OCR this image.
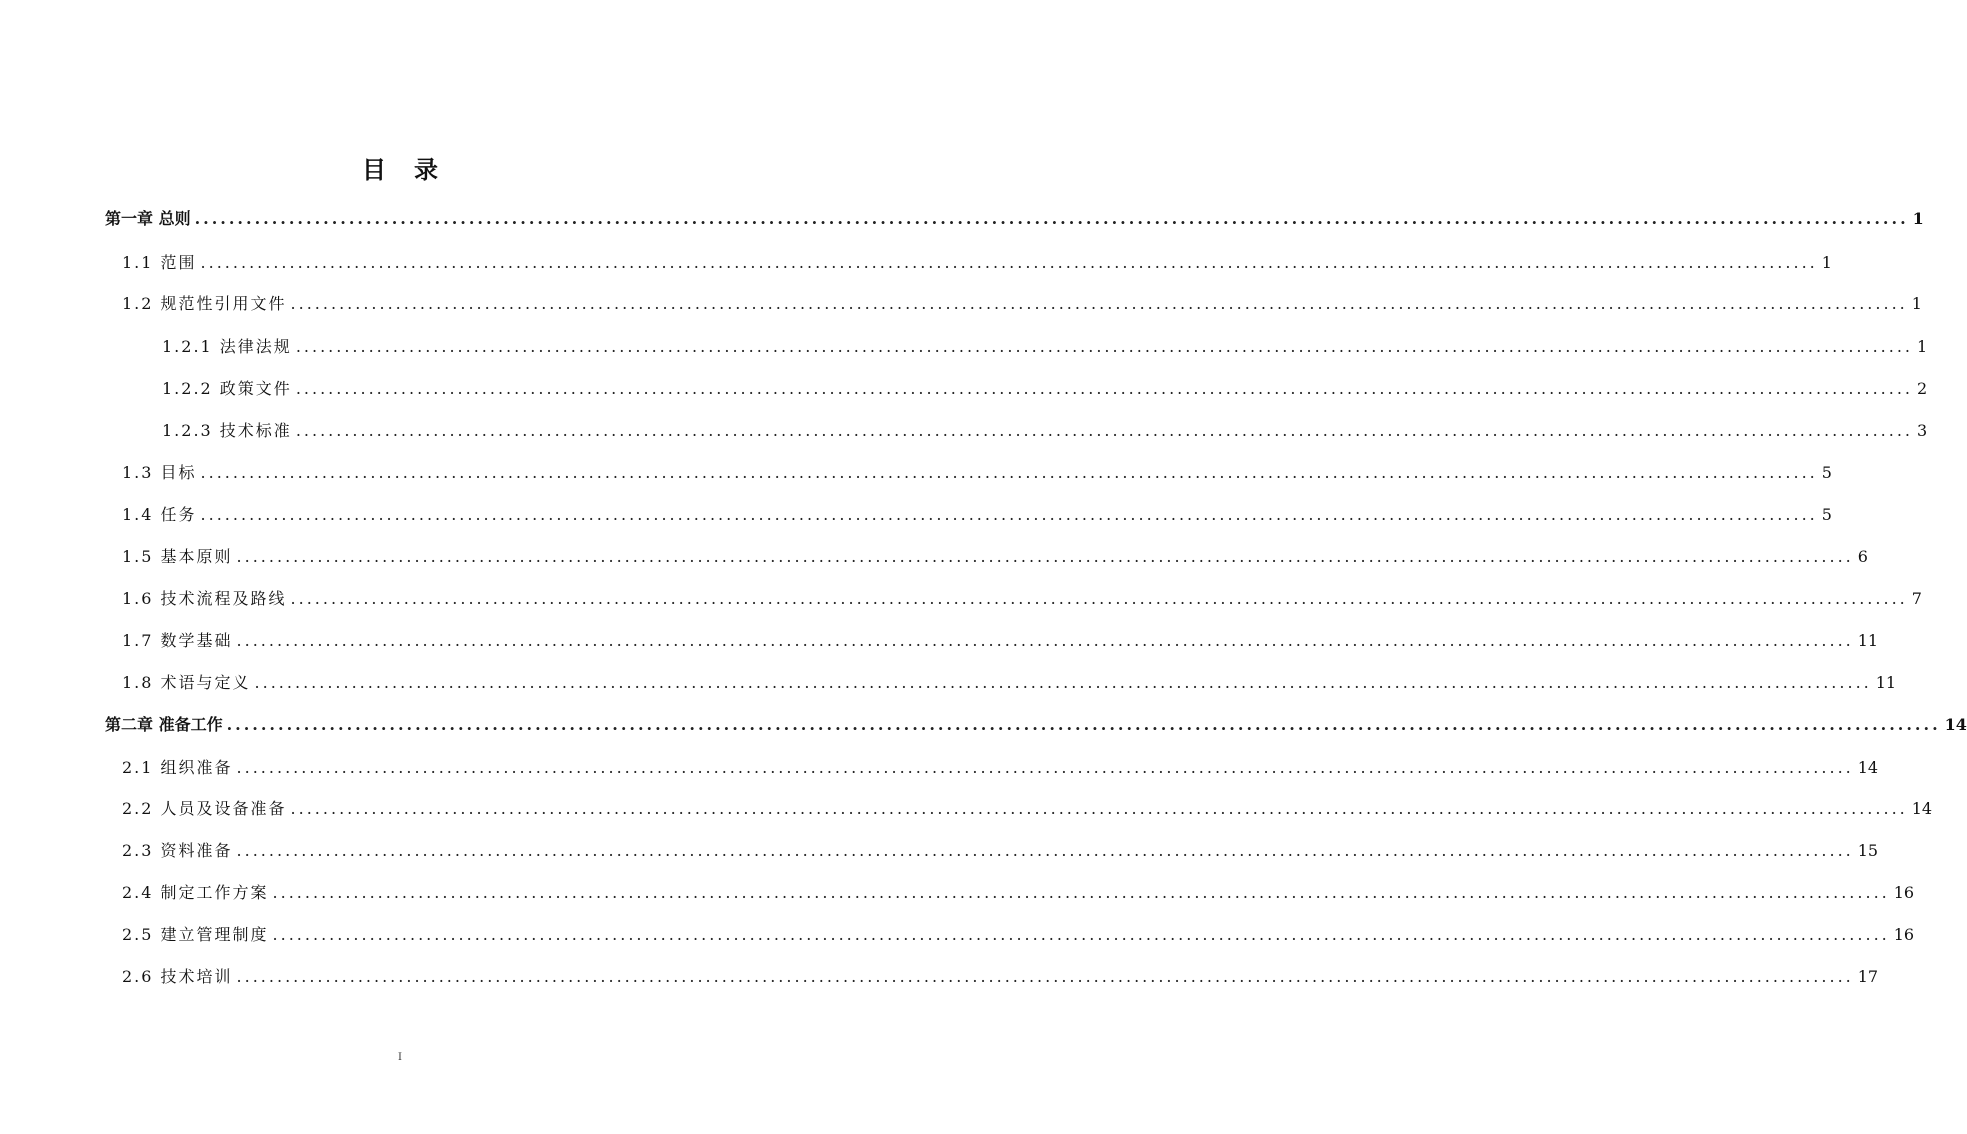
目 录
第一章 总则 ........................................................................................................................................................................................................ 1
1.1 范围 ........................................................................................................................................................................................................ 1
1.2 规范性引用文件 ........................................................................................................................................................................................................ 1
1.2.1 法律法规 ........................................................................................................................................................................................................ 1
1.2.2 政策文件 ........................................................................................................................................................................................................ 2
1.2.3 技术标准 ........................................................................................................................................................................................................ 3
1.3 目标 ........................................................................................................................................................................................................ 5
1.4 任务 ........................................................................................................................................................................................................ 5
1.5 基本原则 ........................................................................................................................................................................................................ 6
1.6 技术流程及路线 ........................................................................................................................................................................................................ 7
1.7 数学基础 ........................................................................................................................................................................................................ 11
1.8 术语与定义 ........................................................................................................................................................................................................ 11
第二章 准备工作 ........................................................................................................................................................................................................ 14
2.1 组织准备 ........................................................................................................................................................................................................ 14
2.2 人员及设备准备 ........................................................................................................................................................................................................ 14
2.3 资料准备 ........................................................................................................................................................................................................ 15
2.4 制定工作方案 ........................................................................................................................................................................................................ 16
2.5 建立管理制度 ........................................................................................................................................................................................................ 16
2.6 技术培训 ........................................................................................................................................................................................................ 17
I
